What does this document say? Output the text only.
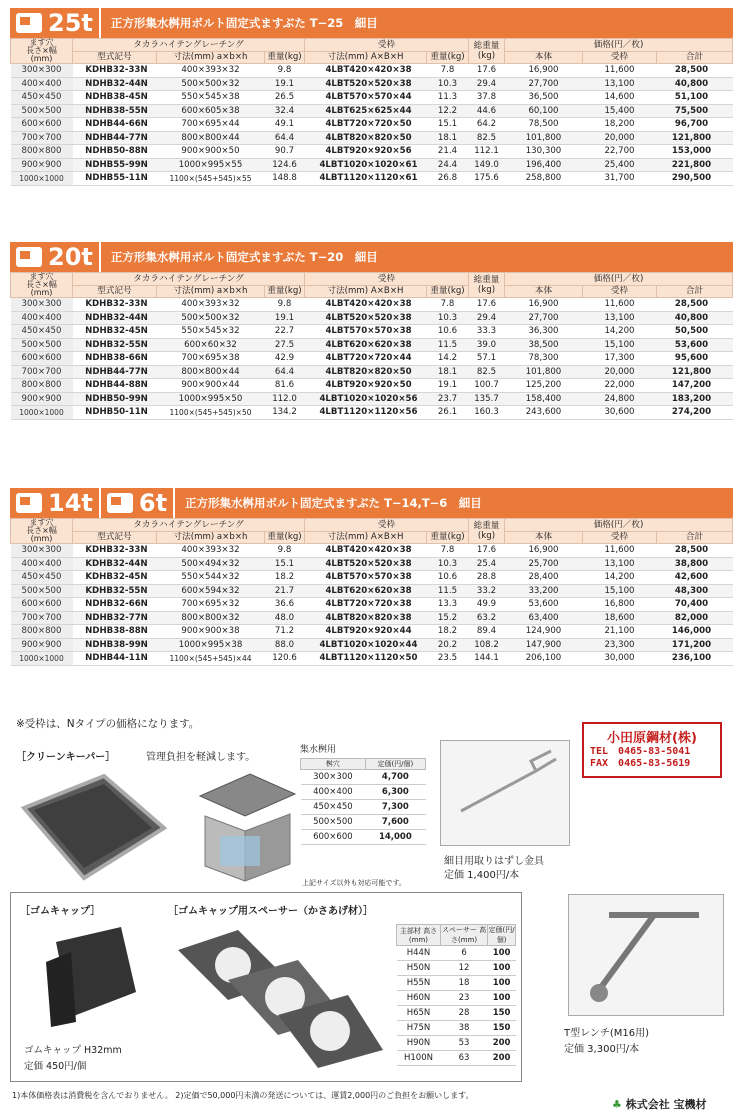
25t	正方形集水桝用ボルト固定式ますぶた T−25　細目
ます穴
長さ×幅
(mm)	タカラハイテングレーチング			受枠		総重量
(kg)	価格(円／枚)		
	型式記号	寸法(mm) a×b×h	重量(kg)	寸法(mm) A×B×H	重量(kg)		本体	受枠	合計
300×300	KDHB32-33N	400×393×32	9.8	4LBT420×420×38	7.8	17.6	16,900	11,600	28,500
400×400	NDHB32-44N	500×500×32	19.1	4LBT520×520×38	10.3	29.4	27,700	13,100	40,800
450×450	NDHB38-45N	550×545×38	26.5	4LBT570×570×44	11.3	37.8	36,500	14,600	51,100
500×500	NDHB38-55N	600×605×38	32.4	4LBT625×625×44	12.2	44.6	60,100	15,400	75,500
600×600	NDHB44-66N	700×695×44	49.1	4LBT720×720×50	15.1	64.2	78,500	18,200	96,700
700×700	NDHB44-77N	800×800×44	64.4	4LBT820×820×50	18.1	82.5	101,800	20,000	121,800
800×800	NDHB50-88N	900×900×50	90.7	4LBT920×920×56	21.4	112.1	130,300	22,700	153,000
900×900	NDHB55-99N	1000×995×55	124.6	4LBT1020×1020×61	24.4	149.0	196,400	25,400	221,800
1000×1000	NDHB55-11N	1100×(545+545)×55	148.8	4LBT1120×1120×61	26.8	175.6	258,800	31,700	290,500
20t	正方形集水桝用ボルト固定式ますぶた T−20　細目
ます穴
長さ×幅
(mm)	タカラハイテングレーチング			受枠		総重量
(kg)	価格(円／枚)		
	型式記号	寸法(mm) a×b×h	重量(kg)	寸法(mm) A×B×H	重量(kg)		本体	受枠	合計
300×300	KDHB32-33N	400×393×32	9.8	4LBT420×420×38	7.8	17.6	16,900	11,600	28,500
400×400	NDHB32-44N	500×500×32	19.1	4LBT520×520×38	10.3	29.4	27,700	13,100	40,800
450×450	NDHB32-45N	550×545×32	22.7	4LBT570×570×38	10.6	33.3	36,300	14,200	50,500
500×500	NDHB32-55N	600×60×32	27.5	4LBT620×620×38	11.5	39.0	38,500	15,100	53,600
600×600	NDHB38-66N	700×695×38	42.9	4LBT720×720×44	14.2	57.1	78,300	17,300	95,600
700×700	NDHB44-77N	800×800×44	64.4	4LBT820×820×50	18.1	82.5	101,800	20,000	121,800
800×800	NDHB44-88N	900×900×44	81.6	4LBT920×920×50	19.1	100.7	125,200	22,000	147,200
900×900	NDHB50-99N	1000×995×50	112.0	4LBT1020×1020×56	23.7	135.7	158,400	24,800	183,200
1000×1000	NDHB50-11N	1100×(545+545)×50	134.2	4LBT1120×1120×56	26.1	160.3	243,600	30,600	274,200
14t 6t	正方形集水桝用ボルト固定式ますぶた T−14,T−6　細目
ます穴
長さ×幅
(mm)	タカラハイテングレーチング			受枠		総重量
(kg)	価格(円／枚)		
	型式記号	寸法(mm) a×b×h	重量(kg)	寸法(mm) A×B×H	重量(kg)		本体	受枠	合計
300×300	KDHB32-33N	400×393×32	9.8	4LBT420×420×38	7.8	17.6	16,900	11,600	28,500
400×400	KDHB32-44N	500×494×32	15.1	4LBT520×520×38	10.3	25.4	25,700	13,100	38,800
450×450	KDHB32-45N	550×544×32	18.2	4LBT570×570×38	10.6	28.8	28,400	14,200	42,600
500×500	KDHB32-55N	600×594×32	21.7	4LBT620×620×38	11.5	33.2	33,200	15,100	48,300
600×600	NDHB32-66N	700×695×32	36.6	4LBT720×720×38	13.3	49.9	53,600	16,800	70,400
700×700	NDHB32-77N	800×800×32	48.0	4LBT820×820×38	15.2	63.2	63,400	18,600	82,000
800×800	NDHB38-88N	900×900×38	71.2	4LBT920×920×44	18.2	89.4	124,900	21,100	146,000
900×900	NDHB38-99N	1000×995×38	88.0	4LBT1020×1020×44	20.2	108.2	147,900	23,300	171,200
1000×1000	NDHB44-11N	1100×(545+545)×44	120.6	4LBT1120×1120×50	23.5	144.1	206,100	30,000	236,100
※受枠は、Nタイプの価格になります。
［クリーンキーパー］	管理負担を軽減します。
集水桝用
桝穴	定価(円/個)
300×300	4,700
400×400	6,300
450×450	7,300
500×500	7,600
600×600	14,000
上記サイズ以外も対応可能です。
細目用取りはずし金具
定価 1,400円/本
小田原鋼材(株)
TEL　0465-83-5041
FAX　0465-83-5619
［ゴムキャップ］	［ゴムキャップ用スペーサー（かさあげ材）］
ゴムキャップ H32mm
定価 450円/個
主部材 高さ(mm)	スペーサー 高さ(mm)	定価(円/個)
H44N	6	100
H50N	12	100
H55N	18	100
H60N	23	100
H65N	28	150
H75N	38	150
H90N	53	200
H100N	63	200
T型レンチ(M16用)
定価 3,300円/本
1)本体価格表は消費税を含んでおりません。 2)定価で50,000円未満の発送については、運賃2,000円のご負担をお願いします。
♣ 株式会社 宝機材
